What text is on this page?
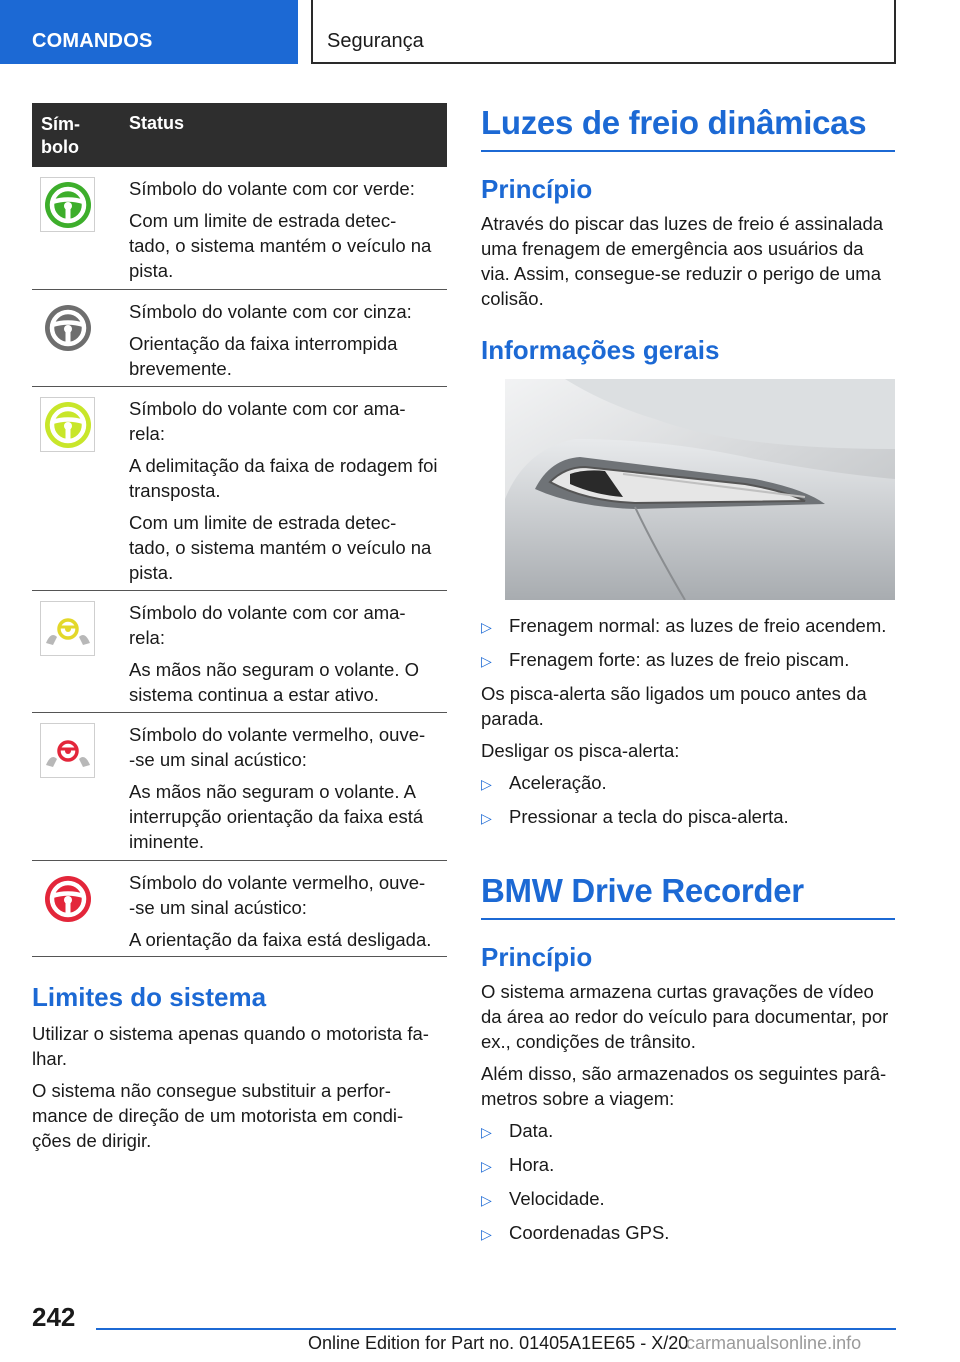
COMANDOS	Segurança
Sím-
bolo
Status

Símbolo do volante com cor verde:

Com um limite de estrada detec-
tado, o sistema mantém o veículo na pista.

Símbolo do volante com cor cinza:

Orientação da faixa interrompida brevemente.

Símbolo do volante com cor ama-
rela:

A delimitação da faixa de rodagem foi transposta.

Com um limite de estrada detec-
tado, o sistema mantém o veículo na pista.

Símbolo do volante com cor ama-
rela:

As mãos não seguram o volante. O sistema continua a estar ativo.

Símbolo do volante vermelho, ouve-
-se um sinal acústico:

As mãos não seguram o volante. A interrupção orientação da faixa está iminente.

Símbolo do volante vermelho, ouve-
-se um sinal acústico:

A orientação da faixa está desligada.

Limites do sistema

Utilizar o sistema apenas quando o motorista fa-
lhar.

O sistema não consegue substituir a perfor-
mance de direção de um motorista em condi-
ções de dirigir.

Luzes de freio dinâmicas
Princípio

Através do piscar das luzes de freio é assinalada uma frenagem de emergência aos usuários da via. Assim, consegue-se reduzir o perigo de uma colisão.

Informações gerais
▷ Frenagem normal: as luzes de freio acendem.
▷ Frenagem forte: as luzes de freio piscam.

Os pisca-alerta são ligados um pouco antes da parada.

Desligar os pisca-alerta:

▷ Aceleração.
▷ Pressionar a tecla do pisca-alerta.
BMW Drive Recorder
Princípio

O sistema armazena curtas gravações de vídeo da área ao redor do veículo para documentar, por ex., condições de trânsito.

Além disso, são armazenados os seguintes parâ-
metros sobre a viagem:

▷ Data.
▷ Hora.
▷ Velocidade.
▷ Coordenadas GPS.
242
Online Edition for Part no. 01405A1EE65 - X/20
carmanualsonline.info
